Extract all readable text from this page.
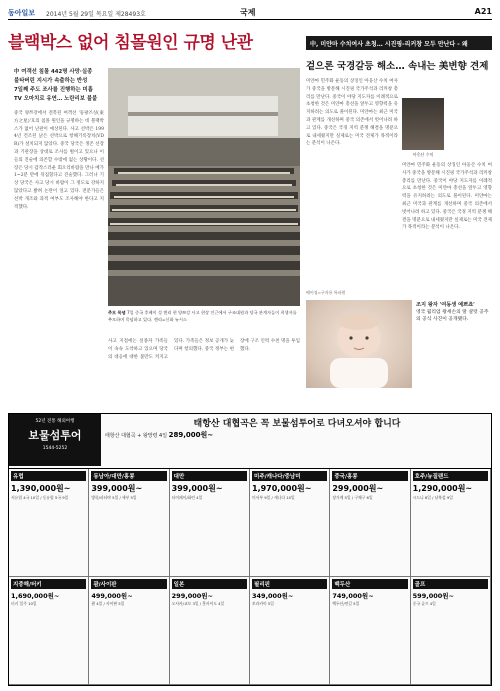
동아일보 2014년 5월 29일 목요일 제28493호	국제	A21
블랙박스 없어 침몰원인 규명 난관
中 여객선 침몰 442명 사망·실종
불타버린 지시가 속출하는 반성
7일째 주도 조사를 진행하는 미흡
TV 오마치로 유연… 노란리보 불붙
중국 양쯔강에서 전복된 여객선 '둥팡즈싱(東方之星)'호의 침몰 원인을 규명하는 데 블랙박스가 없어 난관이 예상된다. 사고 선박은 1994년 건조된 낡은 선박으로 항해기록장치(VDR)가 설치되지 않았다. 중국 당국은 생존 선장과 기관장을 상대로 조사를 벌이고 있으나 이들의 진술에 의존할 수밖에 없는 상황이다. 선장은 당시 갑작스러운 회오리바람을 만나 배가 1~2분 만에 뒤집혔다고 진술했다. 그러나 기상 당국은 사고 당시 바람이 그 정도로 강하지 않았다고 밝혀 논란이 일고 있다. 전문가들은 선박 개조와 과적 여부도 조사해야 한다고 지적했다.
추모 묵념 7일 중국 후베이 성 젠리 현 양쯔강 사고 현장 인근에서 구조대원과 당국 관계자들이 희생자를 추모하며 묵념하고 있다. 젠리=신화 뉴시스
사고 지점에는 실종자 가족들이 속속 도착하고 있으며 당국의 대응에 대한 불만도 커지고 있다. 가족들은 정보 공개가 늦다며 항의했다. 중국 정부는 현장에 구조 인력 수천 명을 투입했다.
中, 미얀마 수치여사 초청… 시진핑-리커창 모두 만난다 - 왜
겉으론 국경갈등 해소… 속내는 美변향 견제
미얀마 민주화 운동의 상징인 아웅산 수치 여사가 중국을 방문해 시진핑 국가주석과 리커창 총리를 만난다. 중국이 야당 지도자를 이례적으로 초청한 것은 미얀마 총선을 앞두고 영향력을 유지하려는 의도로 풀이된다. 미얀마는 최근 미국과 관계를 개선하며 중국 의존에서 벗어나려 하고 있다. 중국은 국경 지역 분쟁 해결을 명분으로 내세웠지만 실제로는 미국 견제가 목적이라는 분석이 나온다.
아웅산 수치
미얀마 민주화 운동의 상징인 아웅산 수치 여사가 중국을 방문해 시진핑 국가주석과 리커창 총리를 만난다. 중국이 야당 지도자를 이례적으로 초청한 것은 미얀마 총선을 앞두고 영향력을 유지하려는 의도로 풀이된다. 미얀마는 최근 미국과 관계를 개선하며 중국 의존에서 벗어나려 하고 있다. 중국은 국경 지역 분쟁 해결을 명분으로 내세웠지만 실제로는 미국 견제가 목적이라는 분석이 나온다.
베이징=구자룡 특파원
조지 왕자 '여동생 예쁘죠'
영국 윌리엄 왕세손의 딸 샬럿 공주의 공식 사진이 공개됐다.
52년 전통 해외여행
보물섬투어
1544-5252
태항산 대협곡은 꼭 보물섬투어로 다녀오셔야 합니다
태항산 대협곡 + 왕망령 4일 289,000원~
유럽
1,390,000원~
서유럽 4국 10일 / 동유럽 5국 9일
동남아/대만/홍콩
399,000원~
방콕/파타야 5일 / 세부 5일
대만
399,000원~
타이페이/화련 4일
미주/캐나다/중남미
1,970,000원~
미서부 9일 / 캐나다 10일
중국/홍콩
299,000원~
장가계 5일 / 구채구 6일
호주/뉴질랜드
1,290,000원~
시드니 6일 / 남북섬 9일
지중해/터키
1,690,000원~
터키 일주 10일
괌/사이판
499,000원~
괌 4일 / 사이판 5일
일본
299,000원~
오사카/교토 3일 / 홋카이도 4일
필리핀
349,000원~
보라카이 5일
백두산
749,000원~
백두산/연길 5일
골프
599,000원~
중국 골프 4일
